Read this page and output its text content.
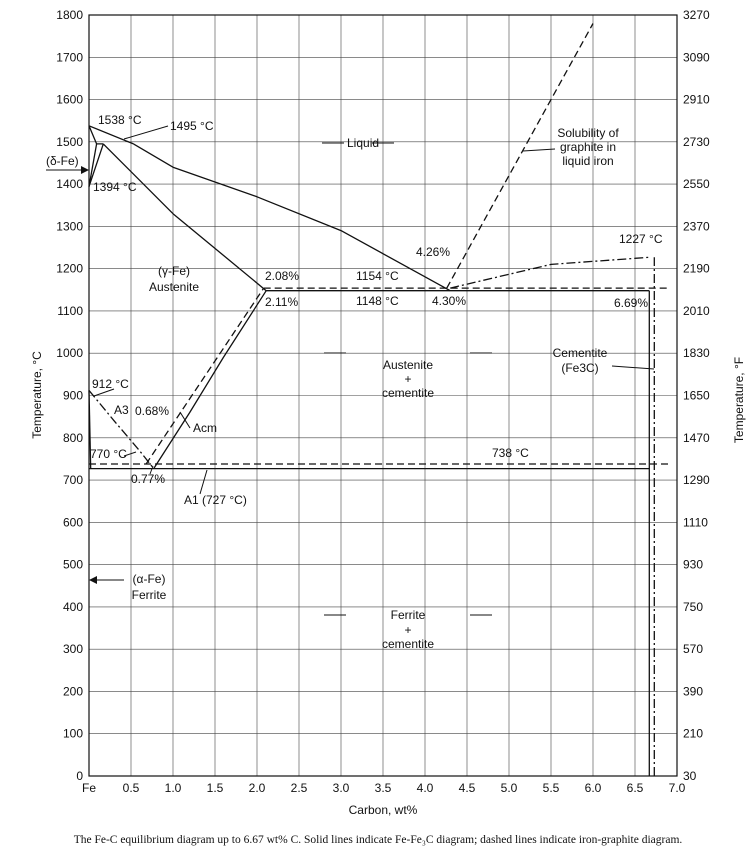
Fe 0.5 1.0 1.5 2.0 2.5 3.0 3.5 4.0 4.5 5.0 5.5 6.0 6.5 7.0
0
100
200
300
400
500
600
700
800
900
1000
1100
1200
1300
1400
1500
1600
1700
1800
30
210
390
570
750
930
1110
1290
1470
1650
1830
2010
2190
2370
2550
2730
2910
3090
3270
Carbon, wt%
Temperature, °C	Temperature, °F
1538 °C 1495 °C
1394 °C
(δ-Fe)
Liquid
Solubility of
graphite in
liquid iron
4.26%
1227 °C
(γ-Fe)
Austenite
2.08%	1154 °C
2.11%	1148 °C	4.30%	6.69%
Austenite
+
cementite
Cementite
(Fe3C)
912 °C
A3 0.68%
Acm
770 °C
0.77%
738 °C
A1 (727 °C)
(α-Fe)
Ferrite
Ferrite
+
cementite
The Fe-C equilibrium diagram up to 6.67 wt% C. Solid lines indicate Fe-Fe₃C diagram; dashed lines indicate iron-graphite diagram.
